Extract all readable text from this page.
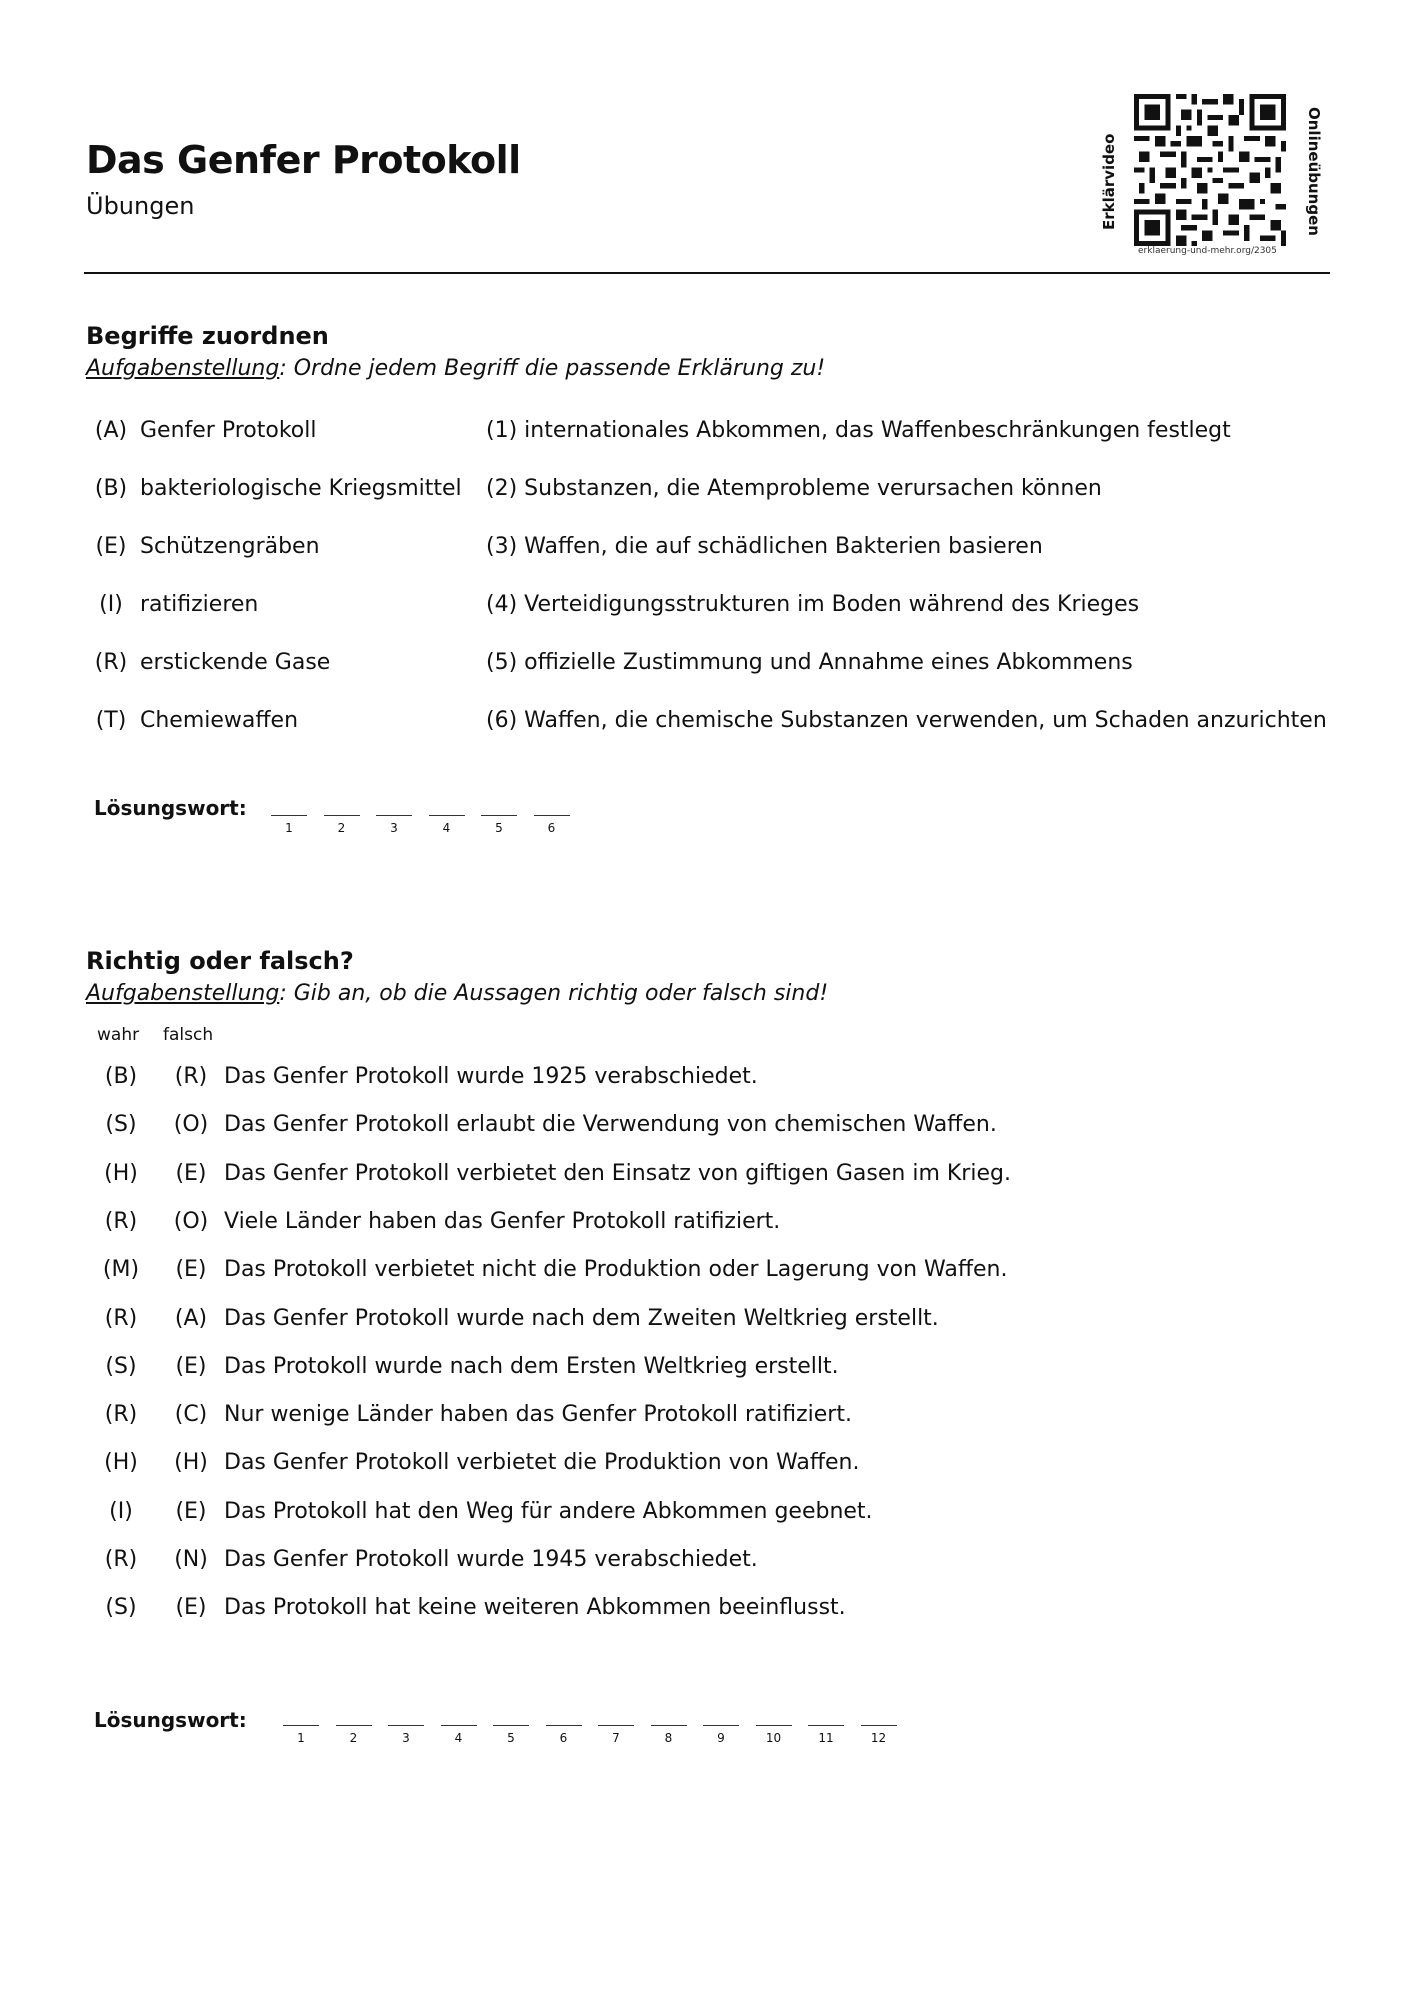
Das Genfer Protokoll
Übungen	Erklärvideo	Onlineübungen
erklaerung-und-mehr.org/2305
Begriffe zuordnen
Aufgabenstellung: Ordne jedem Begriff die passende Erklärung zu!
(A) Genfer Protokoll	(1) internationales Abkommen, das Waffenbeschränkungen festlegt
(B) bakteriologische Kriegsmittel (2) Substanzen, die Atemprobleme verursachen können
(E) Schützengräben	(3) Waffen, die auf schädlichen Bakterien basieren
(I) ratifizieren	(4) Verteidigungsstrukturen im Boden während des Krieges
(R) erstickende Gase	(5) offizielle Zustimmung und Annahme eines Abkommens
(T) Chemiewaffen	(6) Waffen, die chemische Substanzen verwenden, um Schaden anzurichten
Lösungswort:
1	2	3	4	5	6
Richtig oder falsch?
Aufgabenstellung: Gib an, ob die Aussagen richtig oder falsch sind!
wahr falsch
(B)	(R) Das Genfer Protokoll wurde 1925 verabschiedet.
(S)	(O) Das Genfer Protokoll erlaubt die Verwendung von chemischen Waffen.
(H)	(E) Das Genfer Protokoll verbietet den Einsatz von giftigen Gasen im Krieg.
(R)	(O) Viele Länder haben das Genfer Protokoll ratifiziert.
(M)	(E) Das Protokoll verbietet nicht die Produktion oder Lagerung von Waffen.
(R)	(A) Das Genfer Protokoll wurde nach dem Zweiten Weltkrieg erstellt.
(S)	(E) Das Protokoll wurde nach dem Ersten Weltkrieg erstellt.
(R)	(C) Nur wenige Länder haben das Genfer Protokoll ratifiziert.
(H)	(H) Das Genfer Protokoll verbietet die Produktion von Waffen.
(I)	(E) Das Protokoll hat den Weg für andere Abkommen geebnet.
(R)	(N) Das Genfer Protokoll wurde 1945 verabschiedet.
(S)	(E) Das Protokoll hat keine weiteren Abkommen beeinflusst.
Lösungswort:
1	2	3	4	5	6	7	8	9	10	11	12
